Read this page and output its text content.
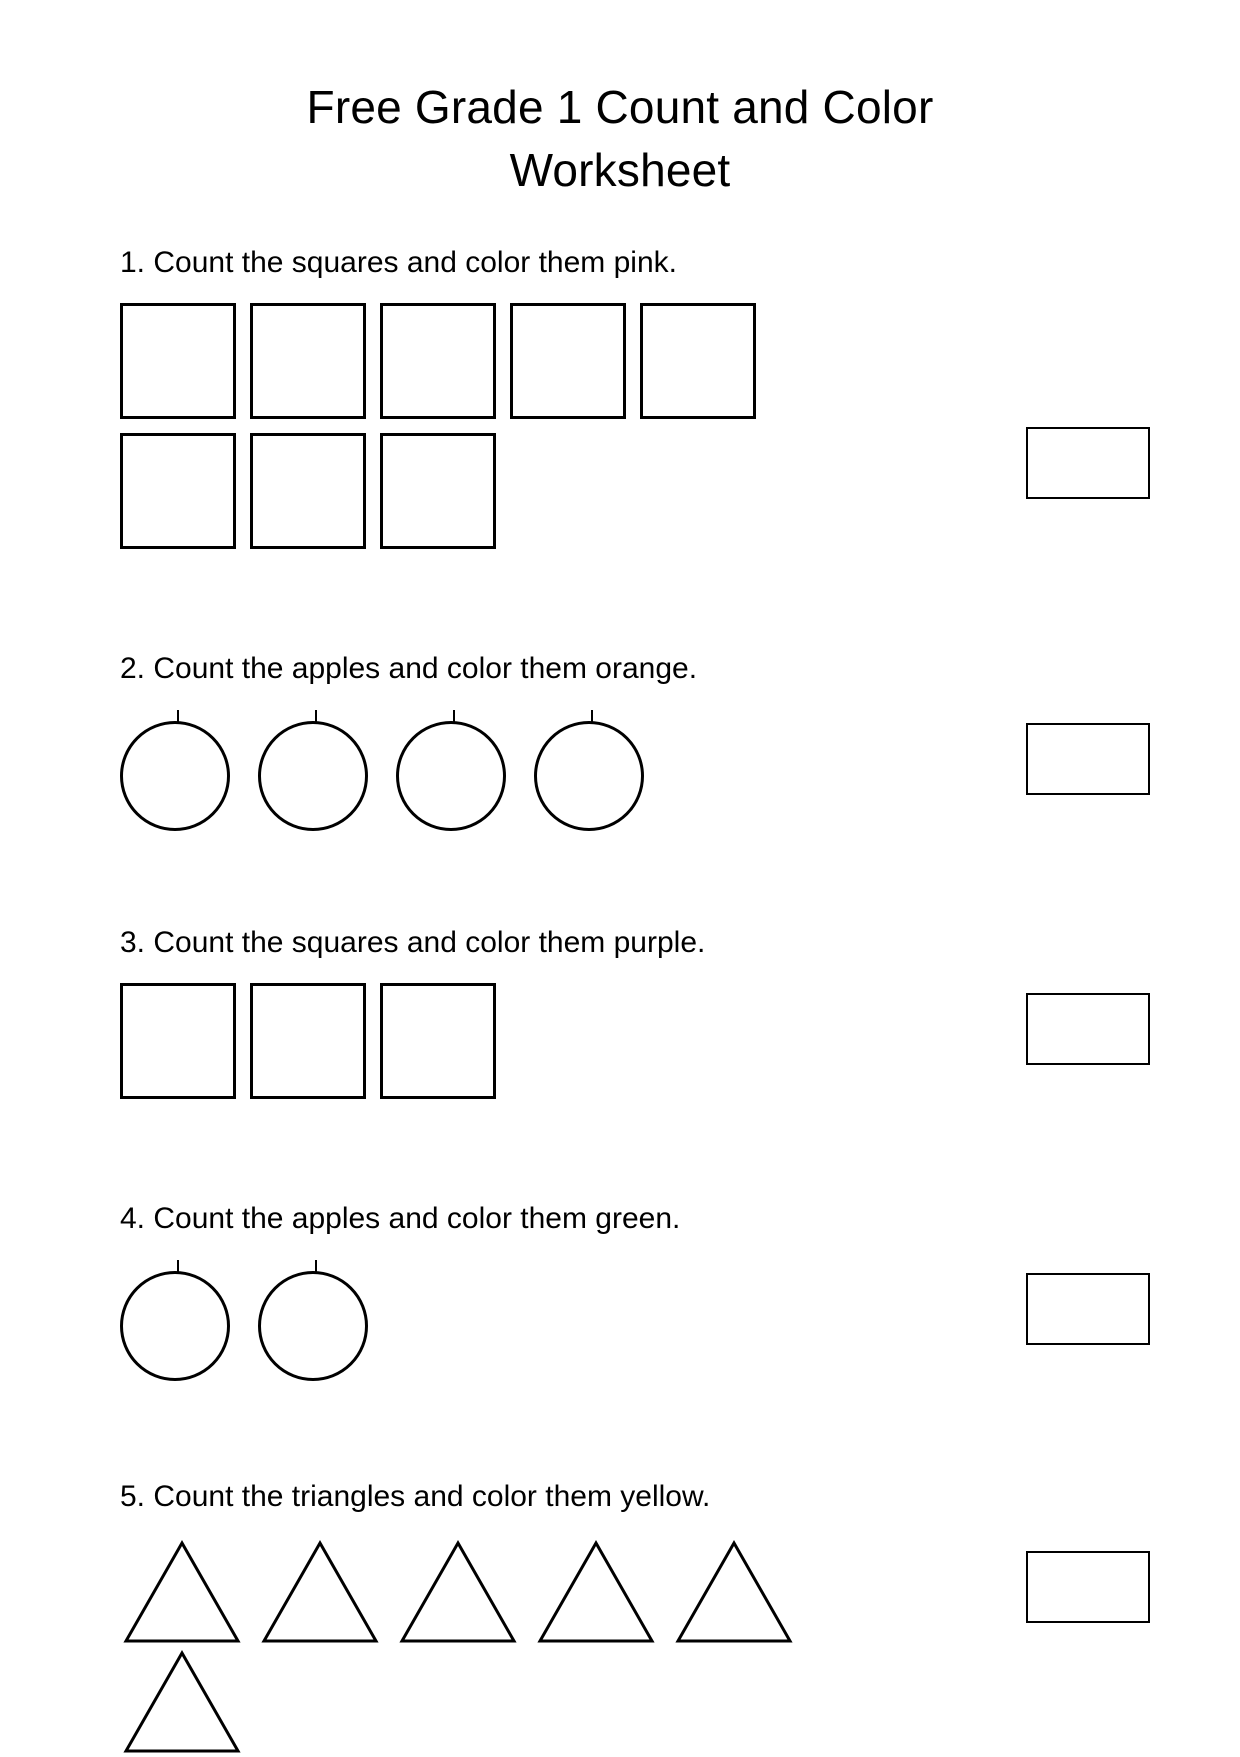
Free Grade 1 Count and Color
Worksheet

1. Count the squares and color them pink.

2. Count the apples and color them orange.

3. Count the squares and color them purple.

4. Count the apples and color them green.

5. Count the triangles and color them yellow.
